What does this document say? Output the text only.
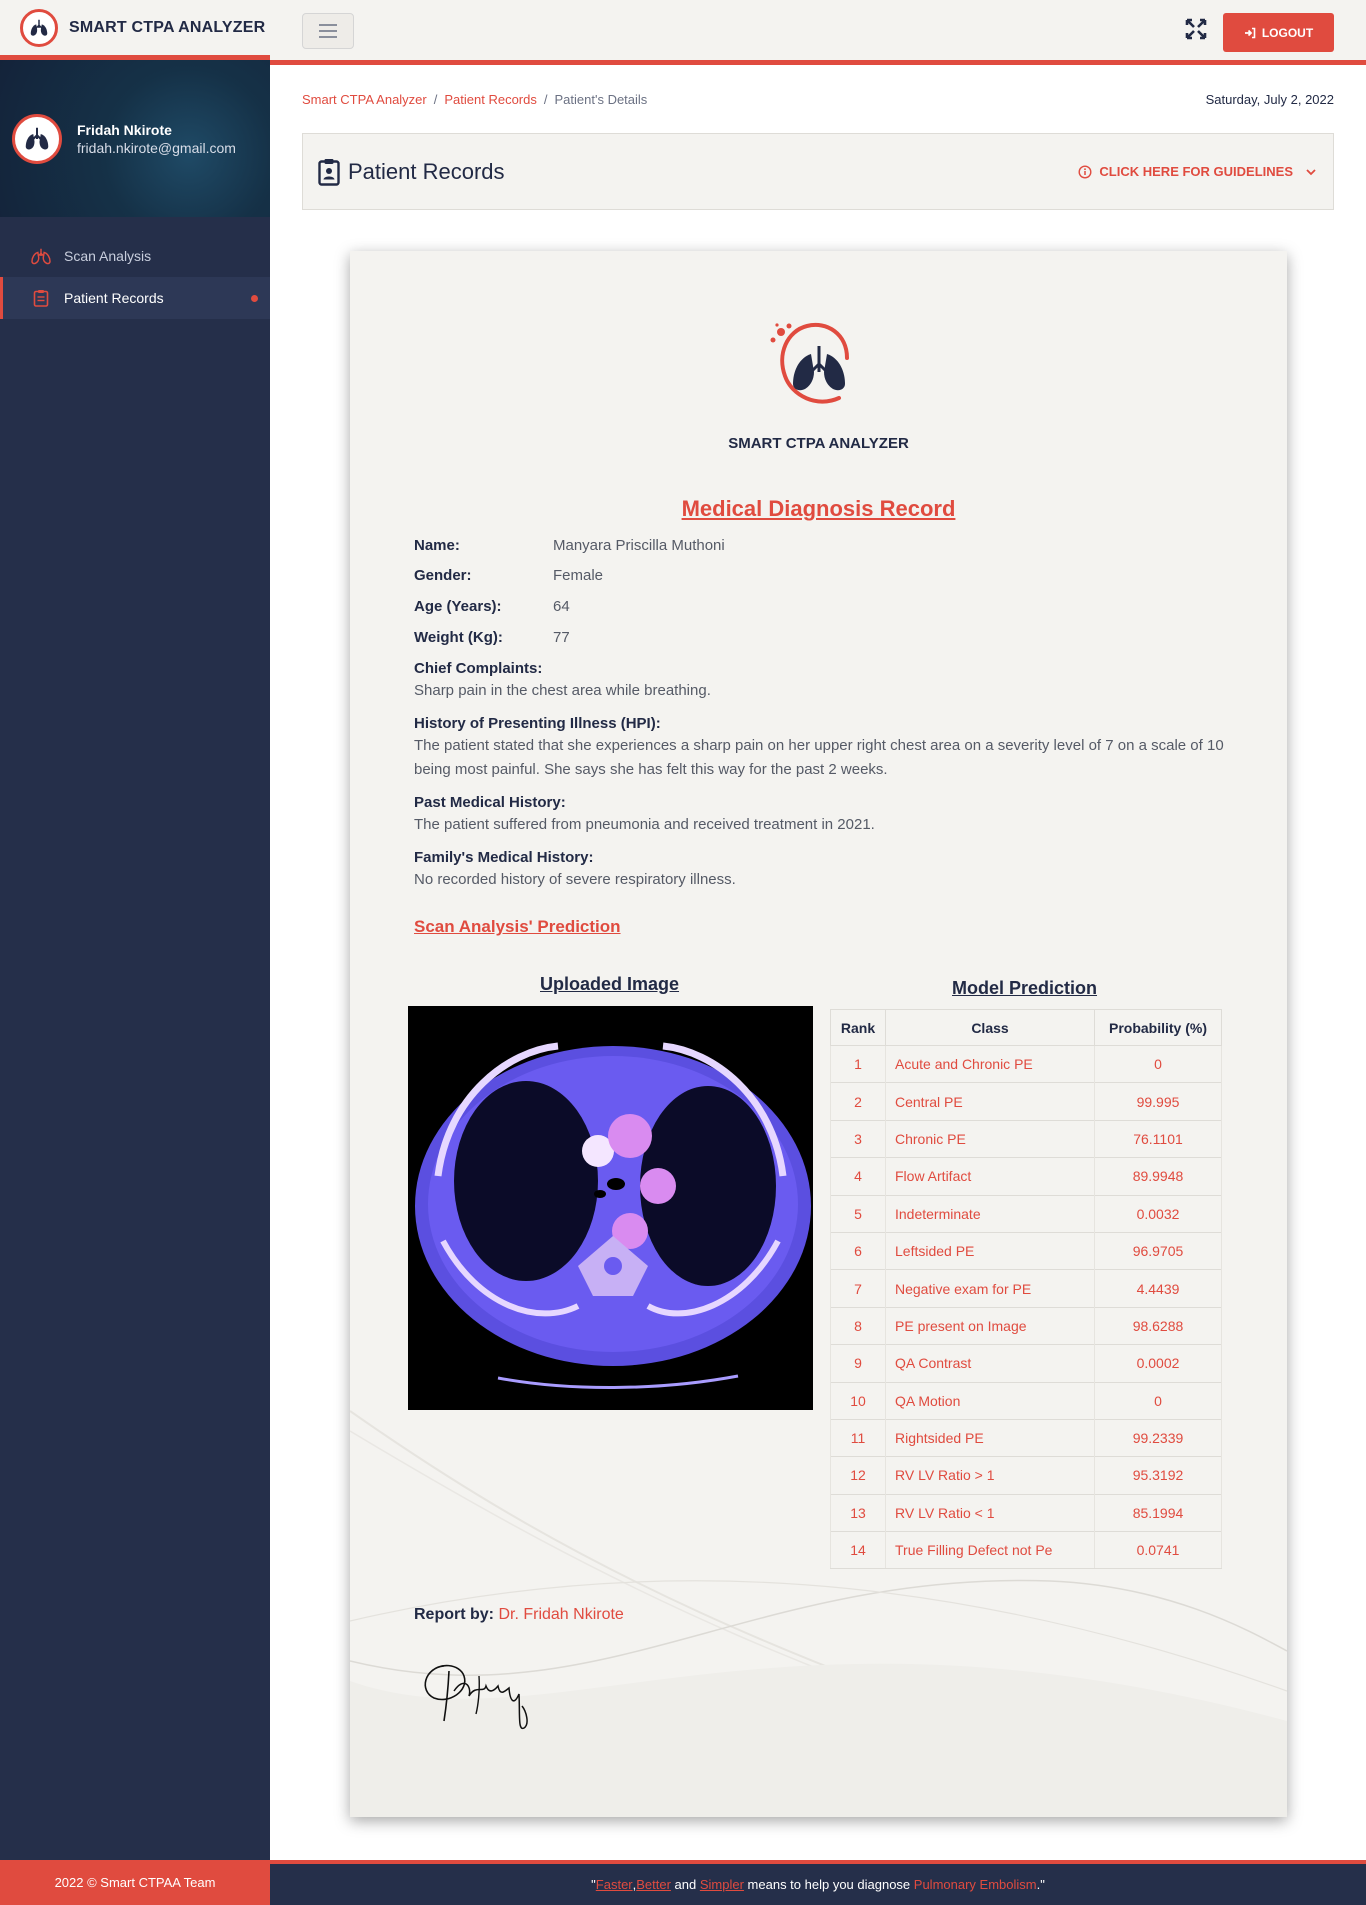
SMART CTPA ANALYZER
Fridah Nkirote
fridah.nkirote@gmail.com
Scan Analysis
Patient Records
2022 © Smart CTPAA Team
LOGOUT
Smart CTPA Analyzer / Patient Records / Patient's Details	Saturday, July 2, 2022
Patient Records	CLICK HERE FOR GUIDELINES
SMART CTPA ANALYZER
Medical Diagnosis Record
Name:	Manyara Priscilla Muthoni
Gender:	Female
Age (Years):	64
Weight (Kg):	77
Chief Complaints:
Sharp pain in the chest area while breathing.
History of Presenting Illness (HPI):
The patient stated that she experiences a sharp pain on her upper right chest area on a severity level of 7 on a scale of 10 being most painful. She says she has felt this way for the past 2 weeks.
Past Medical History:
The patient suffered from pneumonia and received treatment in 2021.
Family's Medical History:
No recorded history of severe respiratory illness.
Scan Analysis' Prediction
Uploaded Image	Model Prediction
Rank	Class	Probability (%)
1	Acute and Chronic PE	0
2	Central PE	99.995
3	Chronic PE	76.1101
4	Flow Artifact	89.9948
5	Indeterminate	0.0032
6	Leftsided PE	96.9705
7	Negative exam for PE	4.4439
8	PE present on Image	98.6288
9	QA Contrast	0.0002
10	QA Motion	0
11	Rightsided PE	99.2339
12	RV LV Ratio > 1	95.3192
13	RV LV Ratio < 1	85.1994
14	True Filling Defect not Pe	0.0741
Report by: Dr. Fridah Nkirote
" Faster , Better and Simpler means to help you diagnose Pulmonary Embolism ."
